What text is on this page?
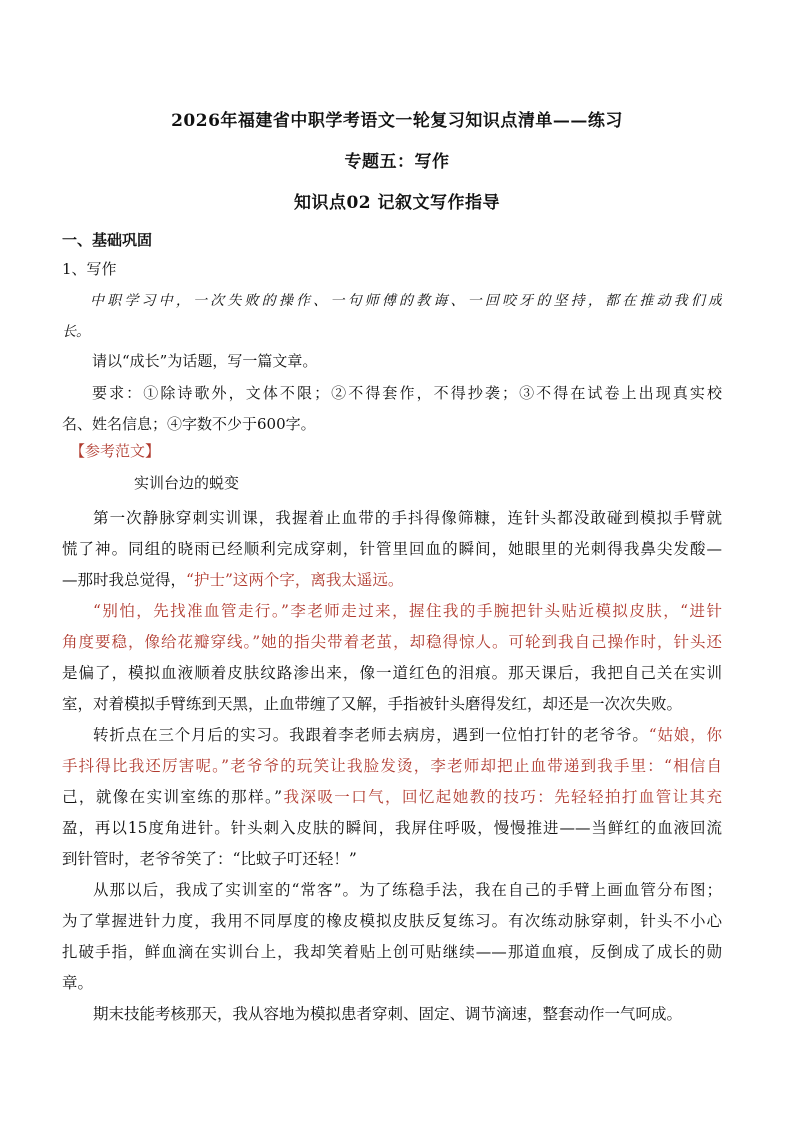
2026年福建省中职学考语文一轮复习知识点清单——练习
专题五：写作
知识点02 记叙文写作指导
一、基础巩固
1、写作
中职学习中，一次失败的操作、一句师傅的教诲、一回咬牙的坚持，都在推动我们成
长。
请以“成长”为话题，写一篇文章。
要求：①除诗歌外，文体不限；②不得套作，不得抄袭；③不得在试卷上出现真实校
名、姓名信息；④字数不少于600字。
【参考范文】
实训台边的蜕变
第一次静脉穿刺实训课，我握着止血带的手抖得像筛糠，连针头都没敢碰到模拟手臂就
慌了神。同组的晓雨已经顺利完成穿刺，针管里回血的瞬间，她眼里的光刺得我鼻尖发酸—
—那时我总觉得，“护士”这两个字，离我太遥远。
“别怕，先找准血管走行。”李老师走过来，握住我的手腕把针头贴近模拟皮肤，“进针
角度要稳，像给花瓣穿线。”她的指尖带着老茧，却稳得惊人。可轮到我自己操作时，针头还
是偏了，模拟血液顺着皮肤纹路渗出来，像一道红色的泪痕。那天课后，我把自己关在实训
室，对着模拟手臂练到天黑，止血带缠了又解，手指被针头磨得发红，却还是一次次失败。
转折点在三个月后的实习。我跟着李老师去病房，遇到一位怕打针的老爷爷。“姑娘，你
手抖得比我还厉害呢。”老爷爷的玩笑让我脸发烫，李老师却把止血带递到我手里：“相信自
己，就像在实训室练的那样。”我深吸一口气，回忆起她教的技巧：先轻轻拍打血管让其充
盈，再以15度角进针。针头刺入皮肤的瞬间，我屏住呼吸，慢慢推进——当鲜红的血液回流
到针管时，老爷爷笑了：“比蚊子叮还轻！”
从那以后，我成了实训室的“常客”。为了练稳手法，我在自己的手臂上画血管分布图；
为了掌握进针力度，我用不同厚度的橡皮模拟皮肤反复练习。有次练动脉穿刺，针头不小心
扎破手指，鲜血滴在实训台上，我却笑着贴上创可贴继续——那道血痕，反倒成了成长的勋
章。
期末技能考核那天，我从容地为模拟患者穿刺、固定、调节滴速，整套动作一气呵成。
